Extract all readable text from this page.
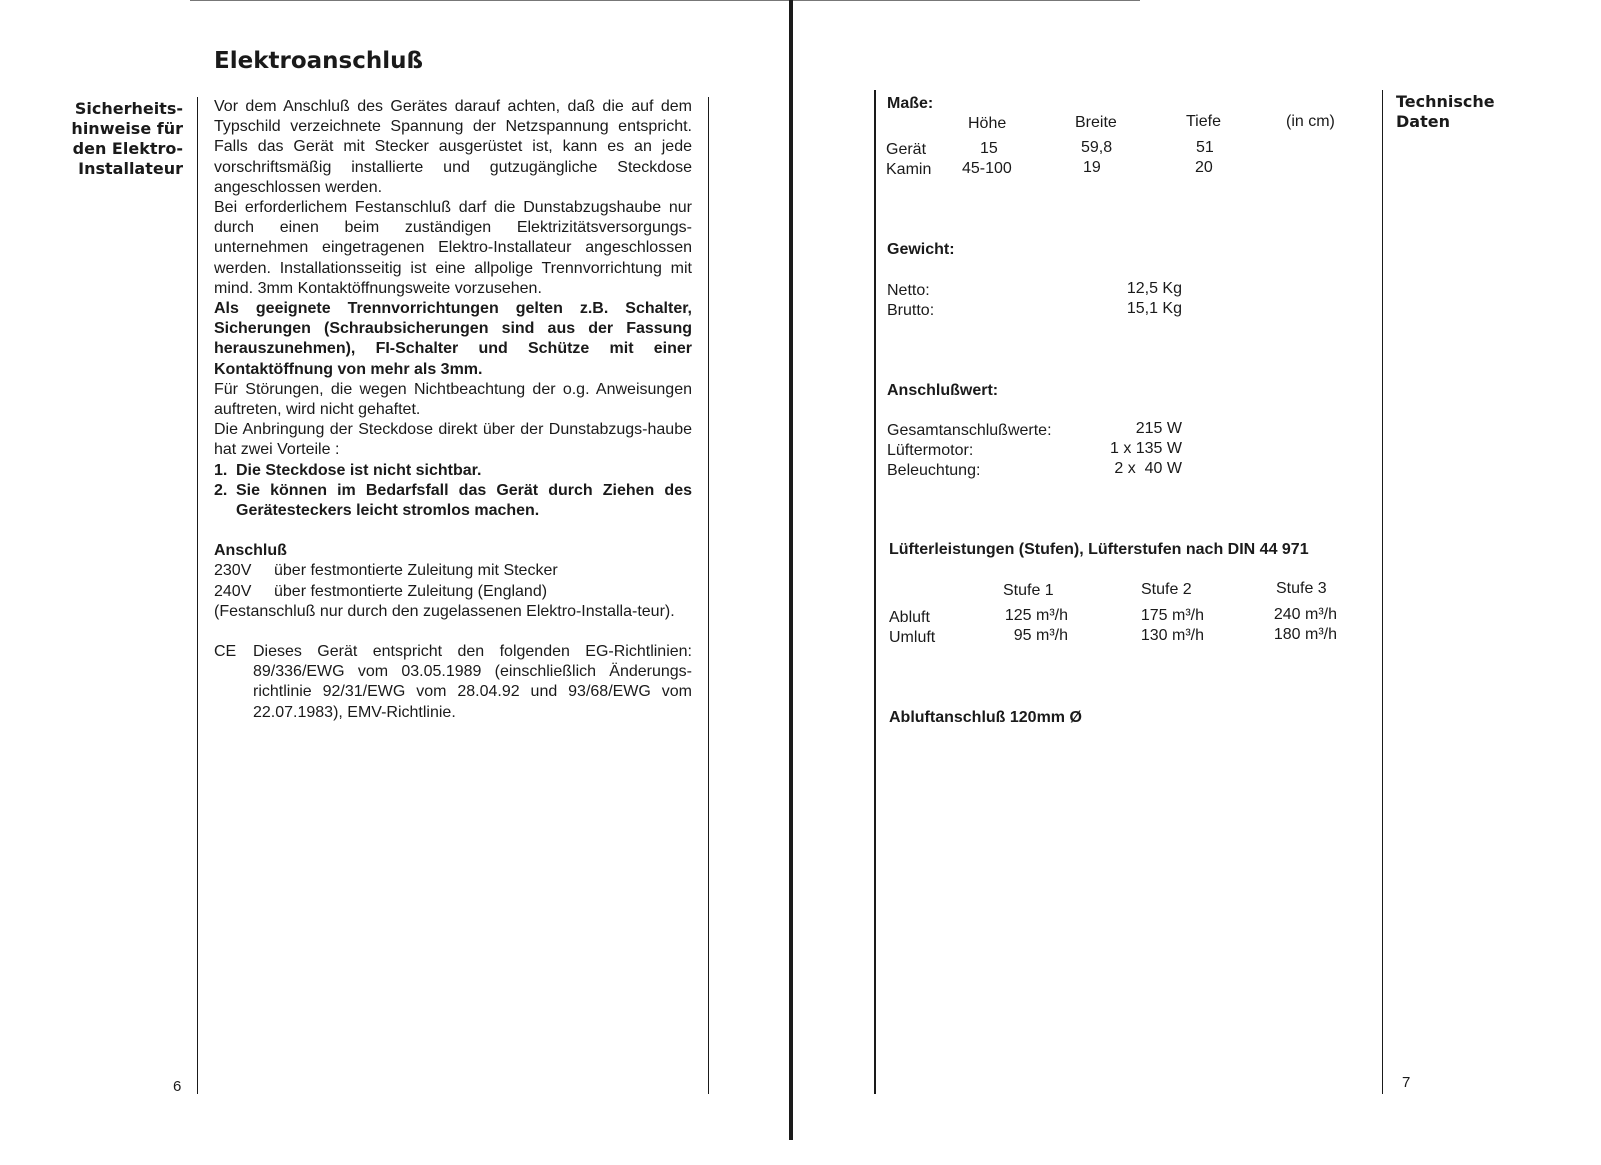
Sicherheits-
hinweise für
den Elektro-
Installateur
Elektroanschluß

Vor dem Anschluß des Gerätes darauf achten, daß die auf dem Typschild verzeichnete Spannung der Netzspannung entspricht. Falls das Gerät mit Stecker ausgerüstet ist, kann es an jede vorschriftsmäßig installierte und gutzugängliche Steckdose angeschlossen werden.

Bei erforderlichem Festanschluß darf die Dunstabzugshaube nur durch einen beim zuständigen Elektrizitätsversorgungs-unternehmen eingetragenen Elektro-Installateur angeschlossen werden. Installationsseitig ist eine allpolige Trennvorrichtung mit mind. 3mm Kontaktöffnungsweite vorzusehen.

Als geeignete Trennvorrichtungen gelten z.B. Schalter, Sicherungen (Schraubsicherungen sind aus der Fassung herauszunehmen), FI-Schalter und Schütze mit einer Kontaktöffnung von mehr als 3mm.

Für Störungen, die wegen Nichtbeachtung der o.g. Anweisungen auftreten, wird nicht gehaftet.

Die Anbringung der Steckdose direkt über der Dunstabzugs-haube hat zwei Vorteile :

1. Die Steckdose ist nicht sichtbar.
2. Sie können im Bedarfsfall das Gerät durch Ziehen des Gerätesteckers leicht stromlos machen.
Anschluß
230V	über festmontierte Zuleitung mit Stecker
240V	über festmontierte Zuleitung (England)

(Festanschluß nur durch den zugelassenen Elektro-Installa-teur).

CE	Dieses Gerät entspricht den folgenden EG-Richtlinien: 89/336/EWG vom 03.05.1989 (einschließlich Änderungs-richtlinie 92/31/EWG vom 28.04.92 und 93/68/EWG vom 22.07.1983), EMV-Richtlinie.
6
Maße:
Höhe	Breite	Tiefe	(in cm)
Gerät	15	59,8	51
Kamin 45-100	19	20
Gewicht:
Netto:	12,5 Kg
Brutto:	15,1 Kg
Anschlußwert:
Gesamtanschlußwerte:	215 W
Lüftermotor:	1 x 135 W
Beleuchtung:	2 x  40 W
Lüfterleistungen (Stufen), Lüfterstufen nach DIN 44 971
Stufe 1	Stufe 2	Stufe 3
Abluft	125 m³/h	175 m³/h	240 m³/h
Umluft	95 m³/h	130 m³/h	180 m³/h
Abluftanschluß 120mm Ø
Technische
Daten
7
